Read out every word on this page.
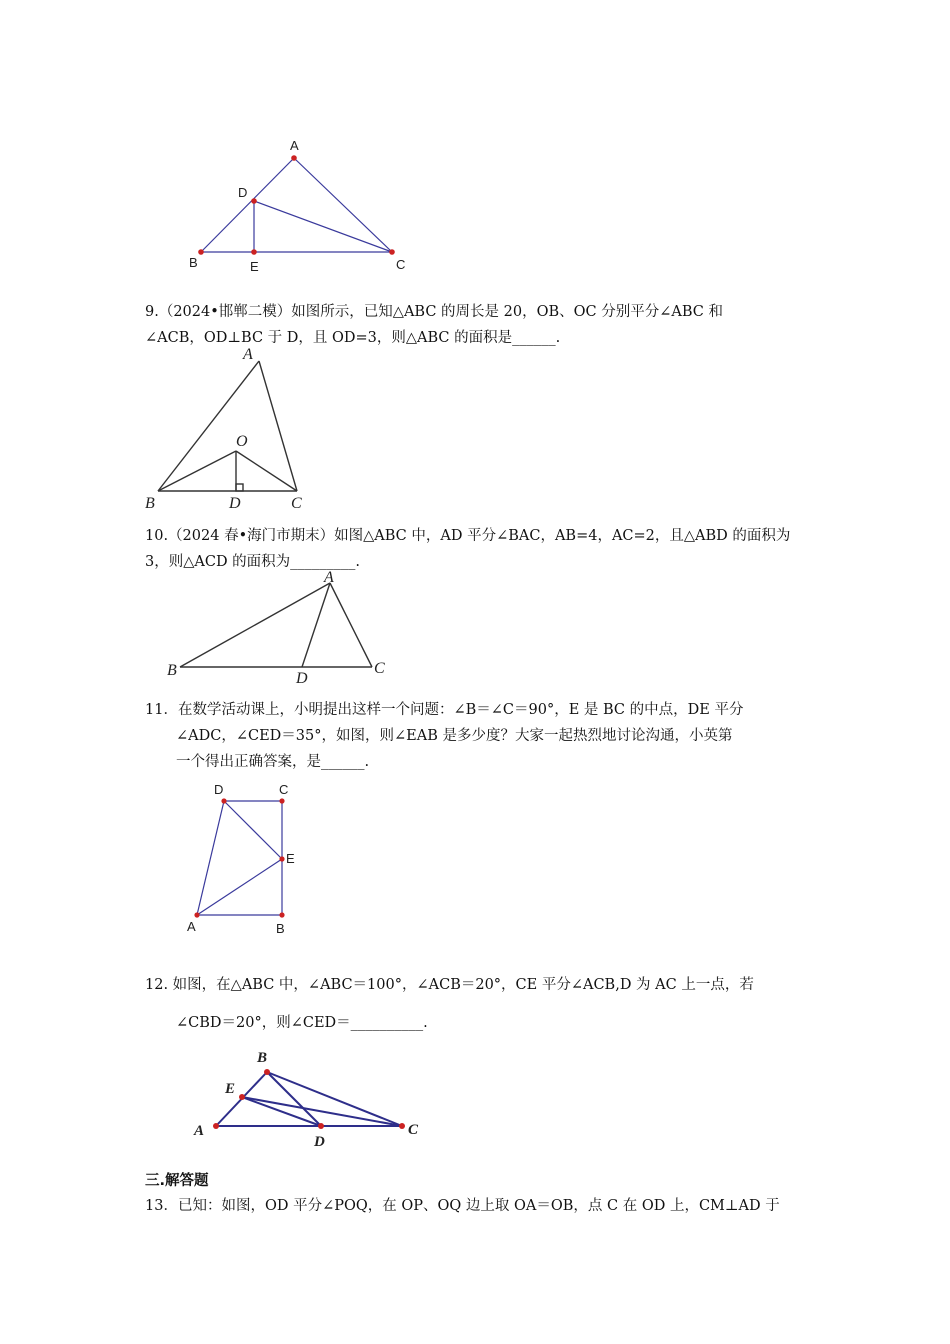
A
D
B	E	C
9.（2024•邯郸二模）如图所示，已知△ABC 的周长是 20，OB、OC 分别平分∠ABC 和
∠ACB，OD⊥BC 于 D，且 OD=3，则△ABC 的面积是______.
A
O
B	D	C
10.（2024 春•海门市期末）如图△ABC 中，AD 平分∠BAC，AB=4，AC=2，且△ABD 的面积为
3，则△ACD 的面积为_________.
A
B	D
C
11．在数学活动课上，小明提出这样一个问题：∠B＝∠C＝90°，E 是 BC 的中点，DE 平分
∠ADC，∠CED＝35°，如图，则∠EAB 是多少度？大家一起热烈地讨论沟通，小英第
一个得出正确答案，是______.
D	C
E
A	B
12. 如图，在△ABC 中，∠ABC＝100°，∠ACB＝20°，CE 平分∠ACB,D 为 AC 上一点，若
∠CBD＝20°，则∠CED＝__________.
B
E
A
D
C
三.解答题
13．已知：如图，OD 平分∠POQ，在 OP、OQ 边上取 OA＝OB，点 C 在 OD 上，CM⊥AD 于
